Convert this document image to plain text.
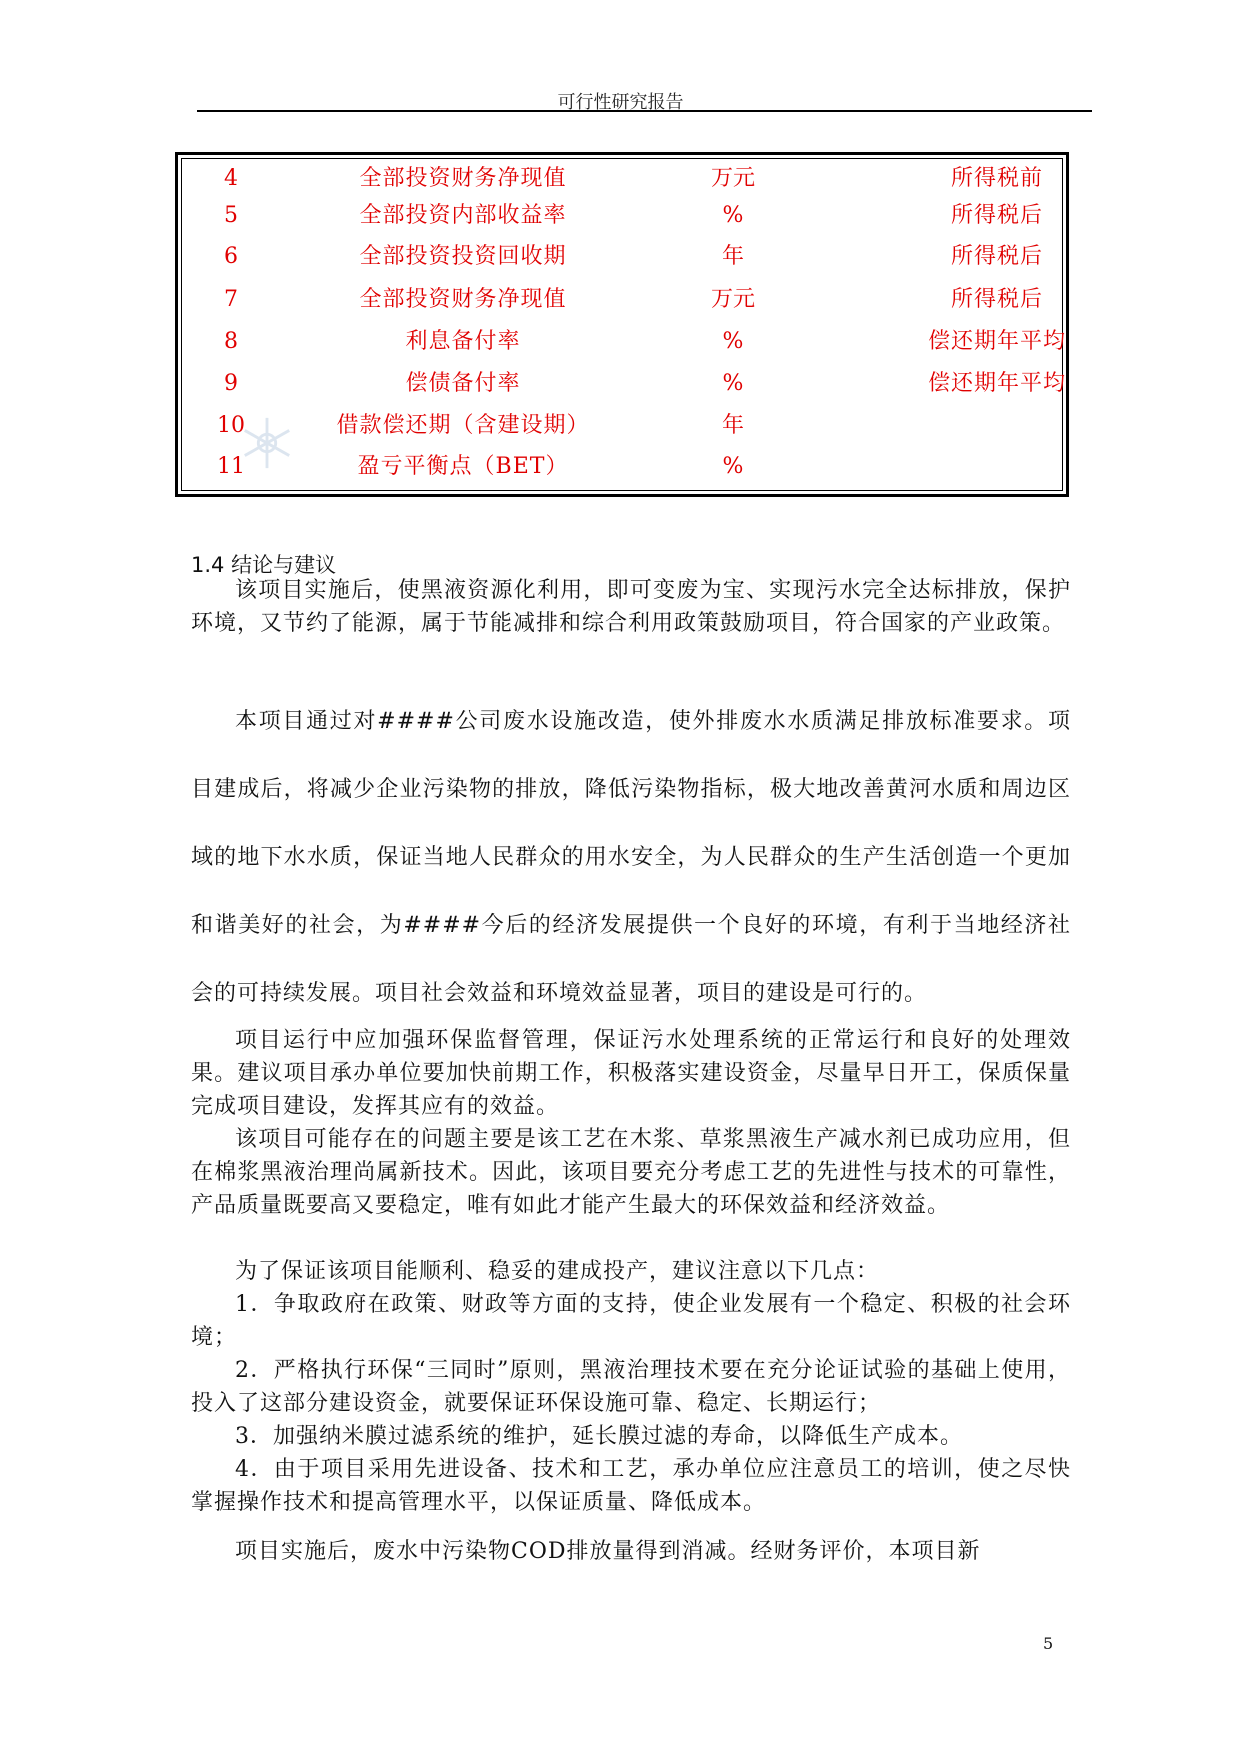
可行性研究报告
4	全部投资财务净现值	万元	所得税前
5	全部投资内部收益率	%	所得税后
6	全部投资投资回收期	年	所得税后
7	全部投资财务净现值	万元	所得税后
8	利息备付率	%	偿还期年平均
9	偿债备付率	%	偿还期年平均
10	借款偿还期（含建设期）	年
11	盈亏平衡点（BET）	%
1.4 结论与建议

该项目实施后，使黑液资源化利用，即可变废为宝、实现污水完全达标排放，保护环境，又节约了能源，属于节能减排和综合利用政策鼓励项目，符合国家的产业政策。

本项目通过对####公司废水设施改造，使外排废水水质满足排放标准要求。项目建成后，将减少企业污染物的排放，降低污染物指标，极大地改善黄河水质和周边区域的地下水水质，保证当地人民群众的用水安全，为人民群众的生产生活创造一个更加和谐美好的社会，为####今后的经济发展提供一个良好的环境，有利于当地经济社会的可持续发展。项目社会效益和环境效益显著，项目的建设是可行的。

项目运行中应加强环保监督管理，保证污水处理系统的正常运行和良好的处理效果。建议项目承办单位要加快前期工作，积极落实建设资金，尽量早日开工，保质保量完成项目建设，发挥其应有的效益。

该项目可能存在的问题主要是该工艺在木浆、草浆黑液生产减水剂已成功应用，但在棉浆黑液治理尚属新技术。因此，该项目要充分考虑工艺的先进性与技术的可靠性，产品质量既要高又要稳定，唯有如此才能产生最大的环保效益和经济效益。

为了保证该项目能顺利、稳妥的建成投产，建议注意以下几点：

1．争取政府在政策、财政等方面的支持，使企业发展有一个稳定、积极的社会环境；

2．严格执行环保“三同时”原则，黑液治理技术要在充分论证试验的基础上使用，投入了这部分建设资金，就要保证环保设施可靠、稳定、长期运行；

3．加强纳米膜过滤系统的维护，延长膜过滤的寿命，以降低生产成本。

4．由于项目采用先进设备、技术和工艺，承办单位应注意员工的培训，使之尽快掌握操作技术和提高管理水平，以保证质量、降低成本。

项目实施后，废水中污染物COD排放量得到消减。经财务评价，本项目新

5
